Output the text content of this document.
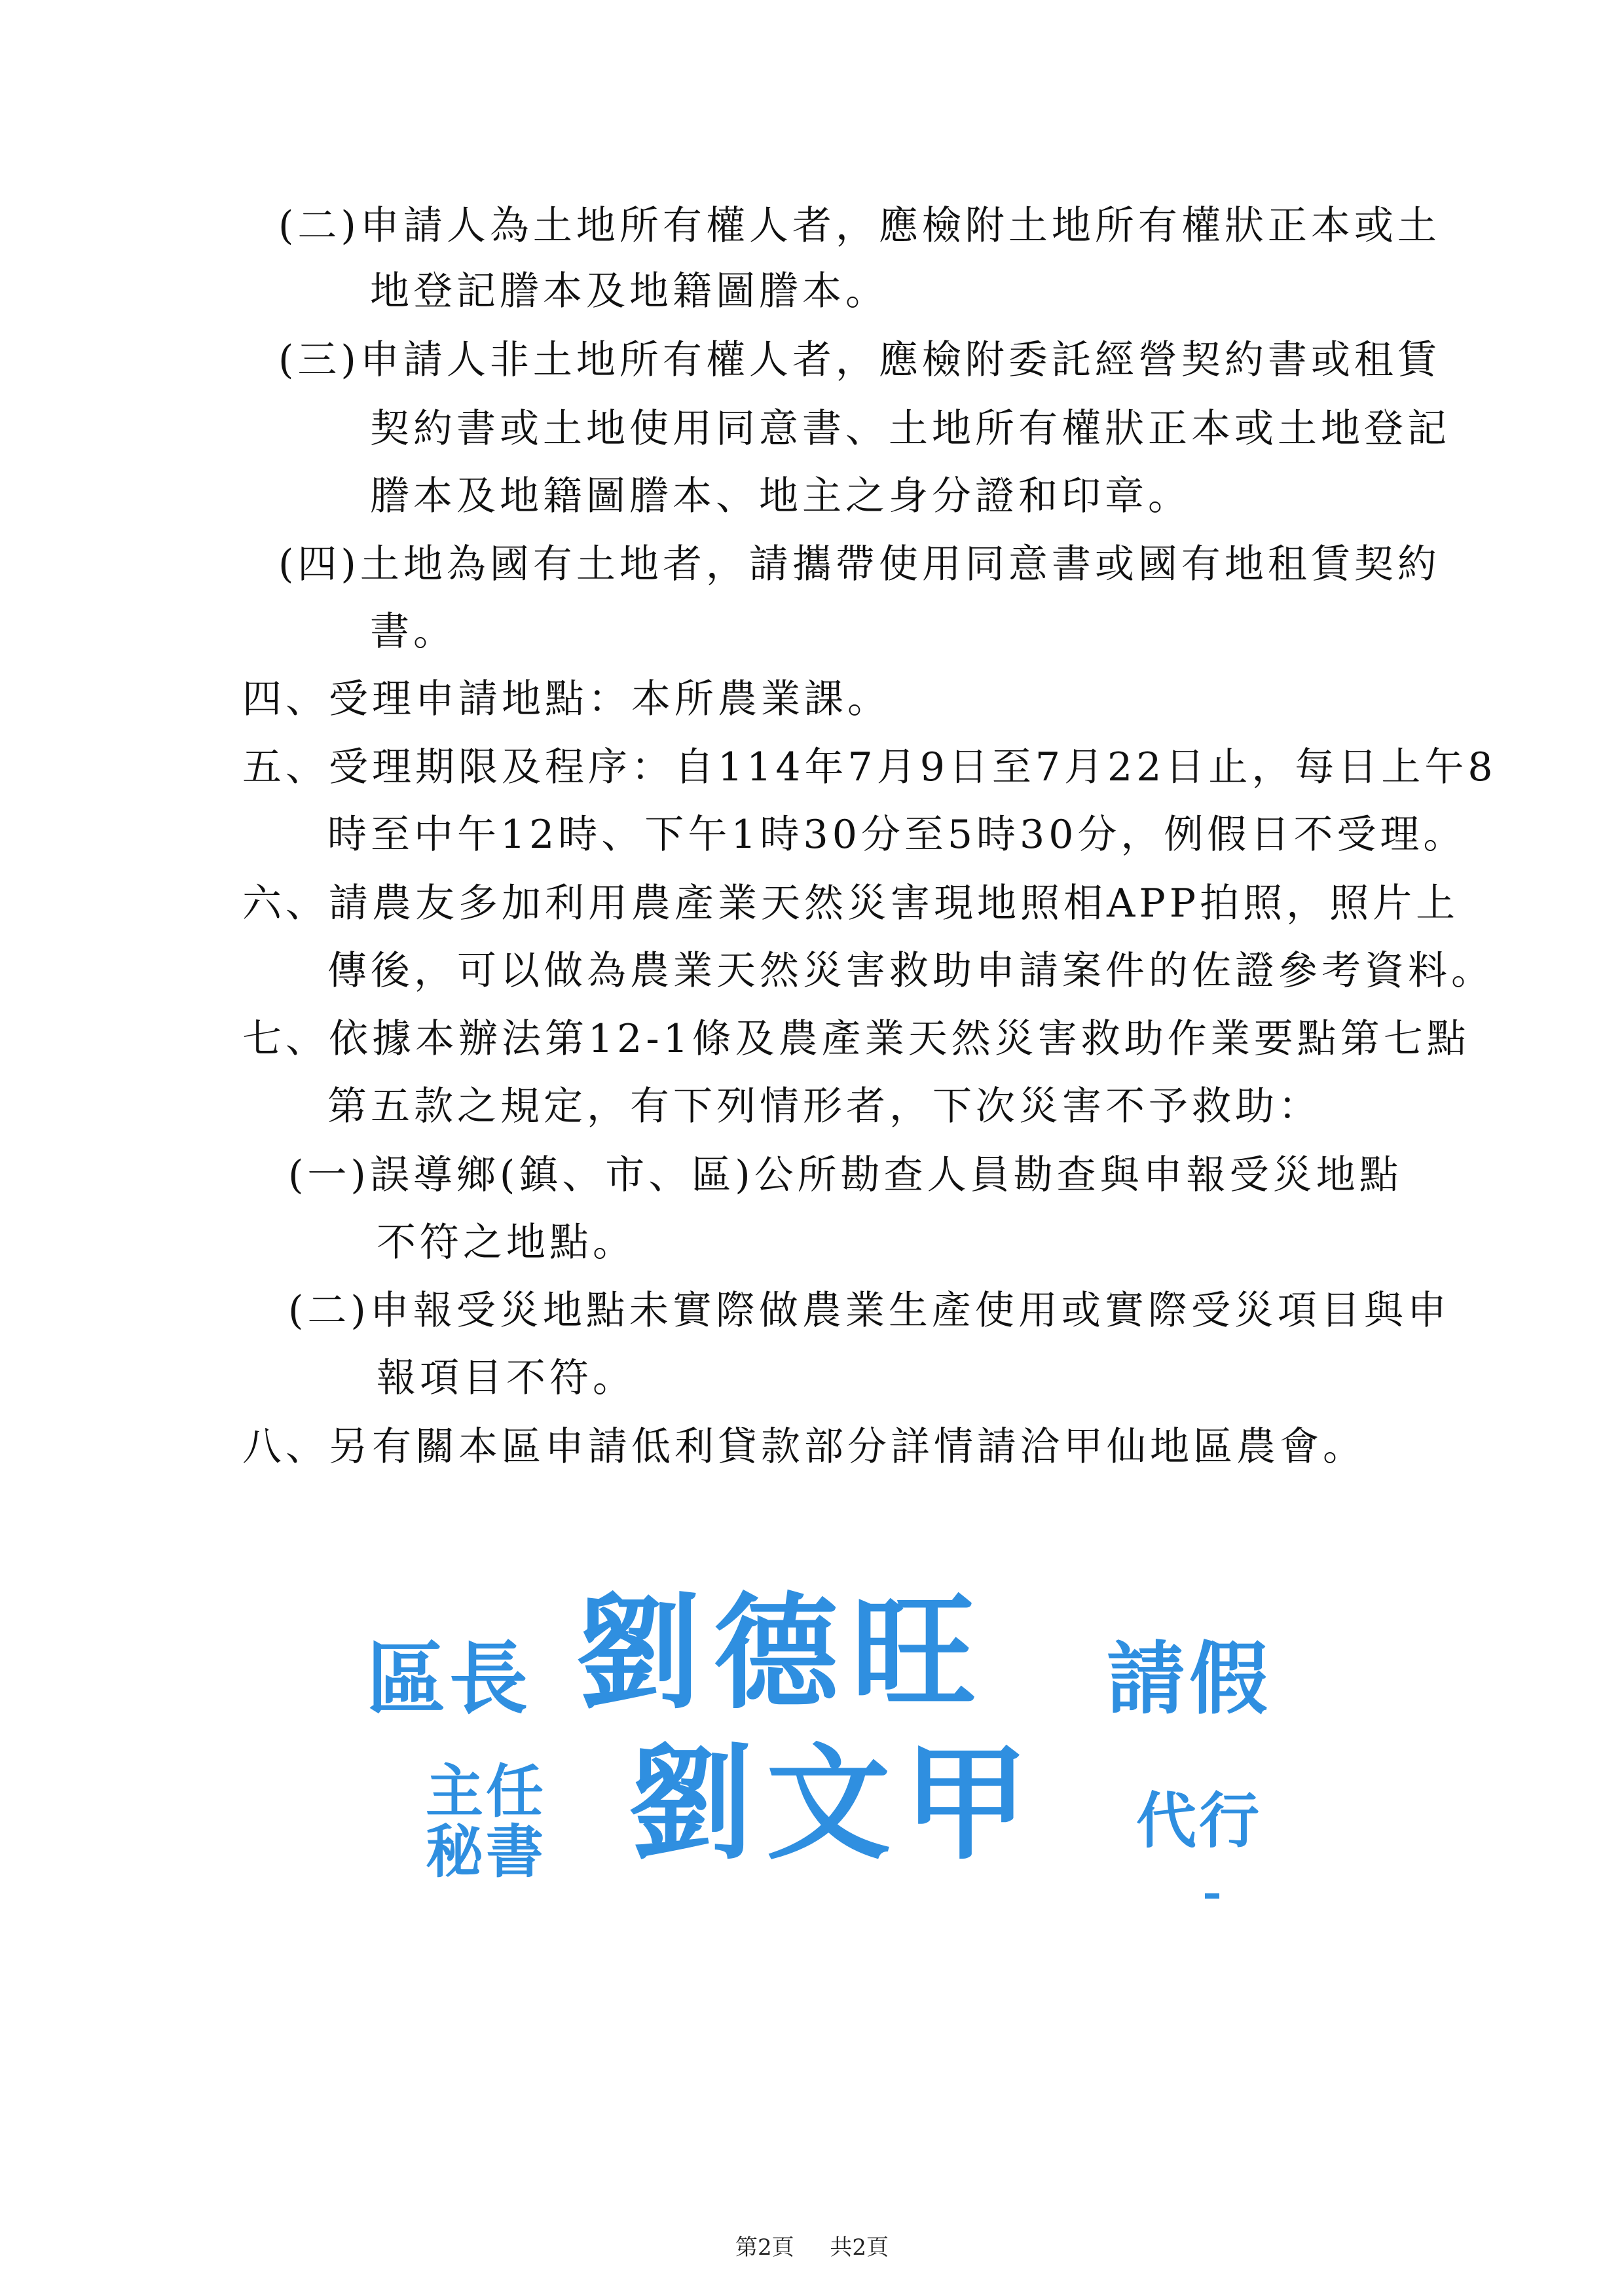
(二)申請人為土地所有權人者，應檢附土地所有權狀正本或土
地登記謄本及地籍圖謄本。
(三)申請人非土地所有權人者，應檢附委託經營契約書或租賃
契約書或土地使用同意書、土地所有權狀正本或土地登記
謄本及地籍圖謄本、地主之身分證和印章。
(四)土地為國有土地者，請攜帶使用同意書或國有地租賃契約
書。
四、受理申請地點：本所農業課。
五、受理期限及程序：自114年7月9日至7月22日止，每日上午8
時至中午12時、下午1時30分至5時30分，例假日不受理。
六、請農友多加利用農產業天然災害現地照相APP拍照，照片上
傳後，可以做為農業天然災害救助申請案件的佐證參考資料。
七、依據本辦法第12-1條及農產業天然災害救助作業要點第七點
第五款之規定，有下列情形者，下次災害不予救助：
(一)誤導鄉(鎮、市、區)公所勘查人員勘查與申報受災地點
不符之地點。
(二)申報受災地點未實際做農業生產使用或實際受災項目與申
報項目不符。
八、另有關本區申請低利貸款部分詳情請洽甲仙地區農會。
區長 劉德旺 請假
主任
秘書 劉文甲 代行
第2頁 共2頁
